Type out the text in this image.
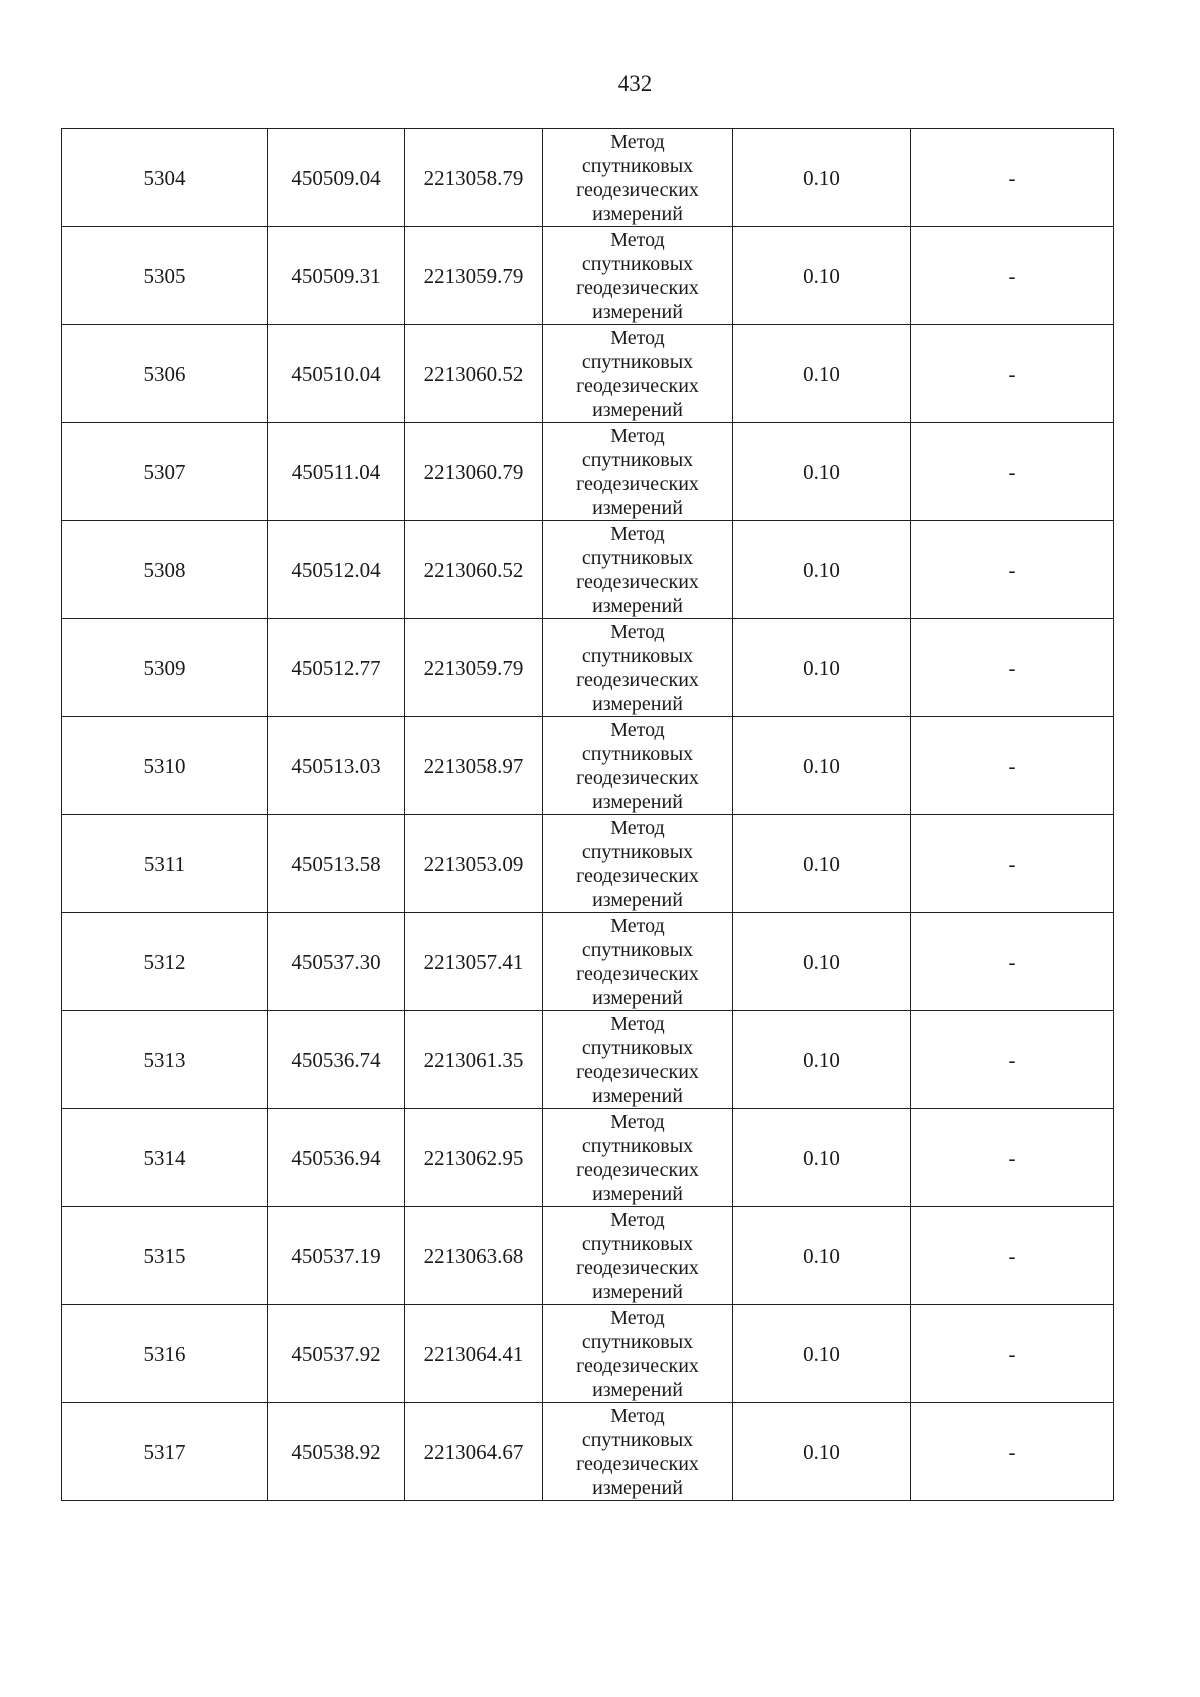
432
5304	450509.04	2213058.79	Метод
спутниковых
геодезических
измерений	0.10	-
5305	450509.31	2213059.79	Метод
спутниковых
геодезических
измерений	0.10	-
5306	450510.04	2213060.52	Метод
спутниковых
геодезических
измерений	0.10	-
5307	450511.04	2213060.79	Метод
спутниковых
геодезических
измерений	0.10	-
5308	450512.04	2213060.52	Метод
спутниковых
геодезических
измерений	0.10	-
5309	450512.77	2213059.79	Метод
спутниковых
геодезических
измерений	0.10	-
5310	450513.03	2213058.97	Метод
спутниковых
геодезических
измерений	0.10	-
5311	450513.58	2213053.09	Метод
спутниковых
геодезических
измерений	0.10	-
5312	450537.30	2213057.41	Метод
спутниковых
геодезических
измерений	0.10	-
5313	450536.74	2213061.35	Метод
спутниковых
геодезических
измерений	0.10	-
5314	450536.94	2213062.95	Метод
спутниковых
геодезических
измерений	0.10	-
5315	450537.19	2213063.68	Метод
спутниковых
геодезических
измерений	0.10	-
5316	450537.92	2213064.41	Метод
спутниковых
геодезических
измерений	0.10	-
5317	450538.92	2213064.67	Метод
спутниковых
геодезических
измерений	0.10	-
